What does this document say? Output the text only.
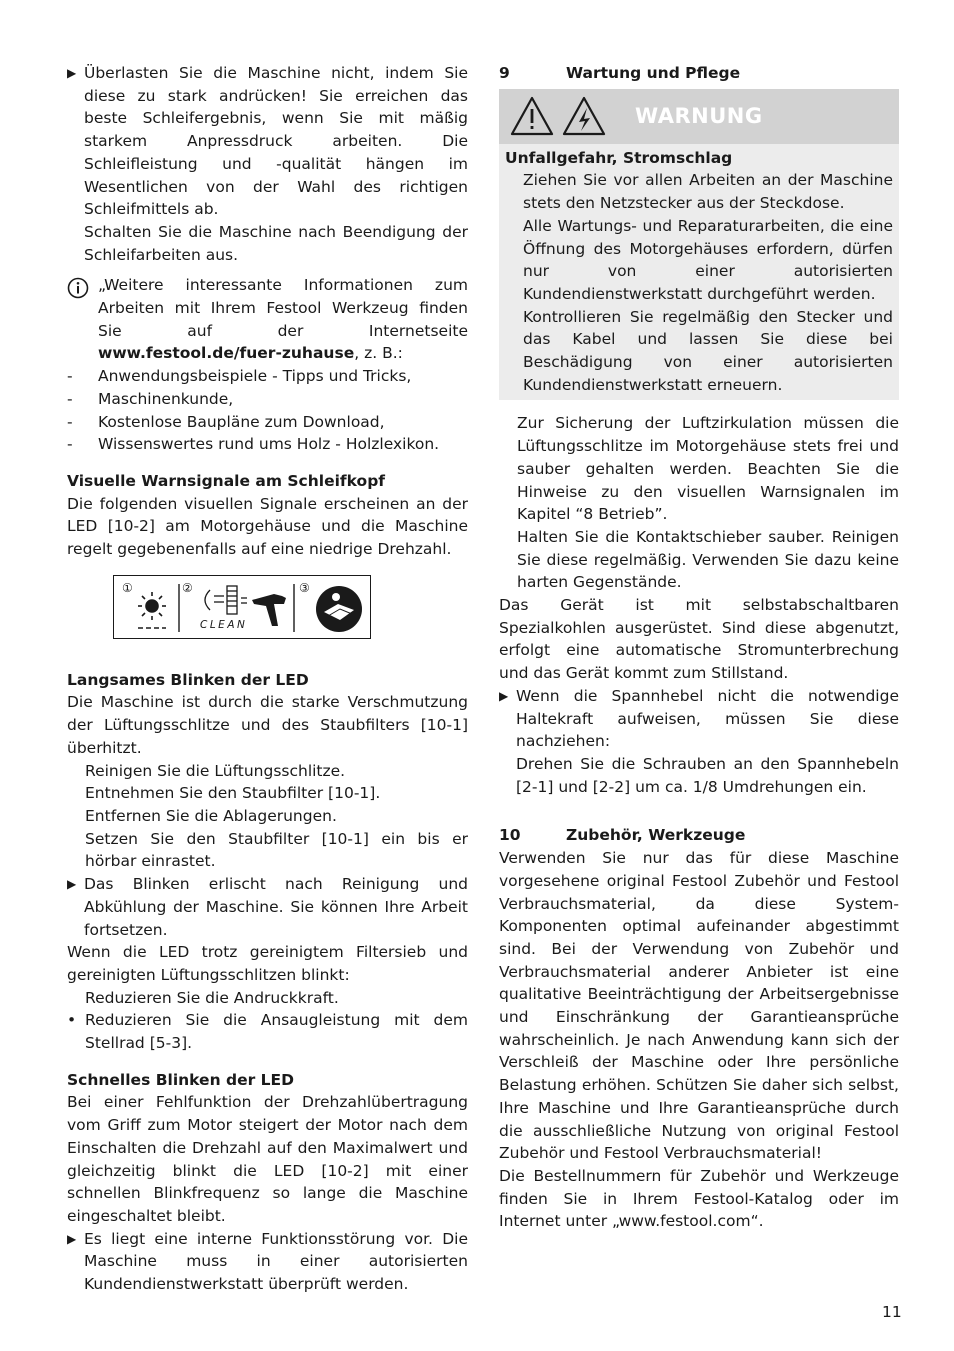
▶ Überlasten Sie die Maschine nicht, indem Sie diese zu stark andrücken! Sie erreichen das beste Schleifergebnis, wenn Sie mit mäßig starkem Anpressdruck arbeiten. Die Schleifleistung und -qualität hängen im Wesentlichen von der Wahl des richtigen Schleifmittels ab.

Schalten Sie die Maschine nach Beendigung der Schleifarbeiten aus.

„Weitere interessante Informationen zum Arbeiten mit Ihrem Festool Werkzeug finden Sie auf der Internetseite www.festool.de/fuer-zuhause, z. B.:

-	Anwendungsbeispiele - Tipps und Tricks,
-	Maschinenkunde,
-	Kostenlose Baupläne zum Download,
-	Wissenswertes rund ums Holz - Holzlexikon.

Visuelle Warnsignale am Schleifkopf

Die folgenden visuellen Signale erscheinen an der LED [10-2] am Motorgehäuse und die Maschine regelt gegebenenfalls auf eine niedrige Drehzahl.

①	②
CLEAN
③

Langsames Blinken der LED

Die Maschine ist durch die starke Verschmutzung der Lüftungsschlitze und des Staubfilters [10-1] überhitzt.

Reinigen Sie die Lüftungsschlitze.

Entnehmen Sie den Staubfilter [10-1].

Entfernen Sie die Ablagerungen.

Setzen Sie den Staubfilter [10-1] ein bis er hörbar einrastet.

▶ Das Blinken erlischt nach Reinigung und Abkühlung der Maschine. Sie können Ihre Arbeit fortsetzen.

Wenn die LED trotz gereinigtem Filtersieb und gereinigten Lüftungsschlitzen blinkt:

Reduzieren Sie die Andruckkraft.

• Reduzieren Sie die Ansaugleistung mit dem Stellrad [5-3].

Schnelles Blinken der LED

Bei einer Fehlfunktion der Drehzahlübertragung vom Griff zum Motor steigert der Motor nach dem Einschalten die Drehzahl auf den Maximalwert und gleichzeitig blinkt die LED [10-2] mit einer schnellen Blinkfrequenz so lange die Maschine eingeschaltet bleibt.

▶ Es liegt eine interne Funktionsstörung vor. Die Maschine muss in einer autorisierten Kundendienstwerkstatt überprüft werden.

9	Wartung und Pflege
WARNUNG

Unfallgefahr, Stromschlag

Ziehen Sie vor allen Arbeiten an der Maschine stets den Netzstecker aus der Steckdose.

Alle Wartungs- und Reparaturarbeiten, die eine Öffnung des Motorgehäuses erfordern, dürfen nur von einer autorisierten Kundendienstwerkstatt durchgeführt werden.

Kontrollieren Sie regelmäßig den Stecker und das Kabel und lassen Sie diese bei Beschädigung von einer autorisierten Kundendienstwerkstatt erneuern.

Zur Sicherung der Luftzirkulation müssen die Lüftungsschlitze im Motorgehäuse stets frei und sauber gehalten werden. Beachten Sie die Hinweise zu den visuellen Warnsignalen im Kapitel “8 Betrieb”.

Halten Sie die Kontaktschieber sauber. Reinigen Sie diese regelmäßig. Verwenden Sie dazu keine harten Gegenstände.

Das Gerät ist mit selbstabschaltbaren Spezialkohlen ausgerüstet. Sind diese abgenutzt, erfolgt eine automatische Stromunterbrechung und das Gerät kommt zum Stillstand.

▶ Wenn die Spannhebel nicht die notwendige Haltekraft aufweisen, müssen Sie diese nachziehen:

Drehen Sie die Schrauben an den Spannhebeln [2-1] und [2-2] um ca. 1/8 Umdrehungen ein.

10	Zubehör, Werkzeuge

Verwenden Sie nur das für diese Maschine vorgesehene original Festool Zubehör und Festool Verbrauchsmaterial, da diese System-Komponenten optimal aufeinander abgestimmt sind. Bei der Verwendung von Zubehör und Verbrauchsmaterial anderer Anbieter ist eine qualitative Beeinträchtigung der Arbeitsergebnisse und Einschränkung der Garantieansprüche wahrscheinlich. Je nach Anwendung kann sich der Verschleiß der Maschine oder Ihre persönliche Belastung erhöhen. Schützen Sie daher sich selbst, Ihre Maschine und Ihre Garantieansprüche durch die ausschließliche Nutzung von original Festool Zubehör und Festool Verbrauchsmaterial!

Die Bestellnummern für Zubehör und Werkzeuge finden Sie in Ihrem Festool-Katalog oder im Internet unter „www.festool.com“.

11
